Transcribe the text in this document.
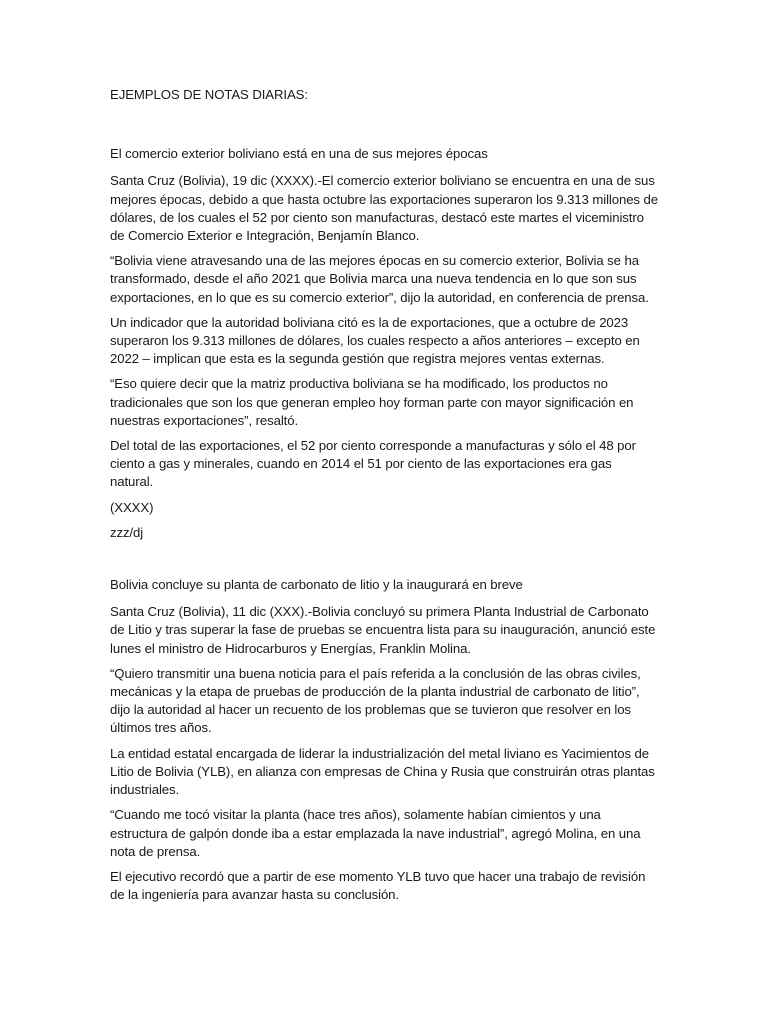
EJEMPLOS DE NOTAS DIARIAS:

El comercio exterior boliviano está en una de sus mejores épocas

Santa Cruz (Bolivia), 19 dic (XXXX).-El comercio exterior boliviano se encuentra en una de sus mejores épocas, debido a que hasta octubre las exportaciones superaron los 9.313 millones de dólares, de los cuales el 52 por ciento son manufacturas, destacó este martes el viceministro de Comercio Exterior e Integración, Benjamín Blanco.

“Bolivia viene atravesando una de las mejores épocas en su comercio exterior, Bolivia se ha transformado, desde el año 2021 que Bolivia marca una nueva tendencia en lo que son sus exportaciones, en lo que es su comercio exterior”, dijo la autoridad, en conferencia de prensa.

Un indicador que la autoridad boliviana citó es la de exportaciones, que a octubre de 2023 superaron los 9.313 millones de dólares, los cuales respecto a años anteriores – excepto en 2022 – implican que esta es la segunda gestión que registra mejores ventas externas.

“Eso quiere decir que la matriz productiva boliviana se ha modificado, los productos no tradicionales que son los que generan empleo hoy forman parte con mayor significación en nuestras exportaciones”, resaltó.

Del total de las exportaciones, el 52 por ciento corresponde a manufacturas y sólo el 48 por ciento a gas y minerales, cuando en 2014 el 51 por ciento de las exportaciones era gas natural.

(XXXX)

zzz/dj

Bolivia concluye su planta de carbonato de litio y la inaugurará en breve

Santa Cruz (Bolivia), 11 dic (XXX).-Bolivia concluyó su primera Planta Industrial de Carbonato de Litio y tras superar la fase de pruebas se encuentra lista para su inauguración, anunció este lunes el ministro de Hidrocarburos y Energías, Franklin Molina.

“Quiero transmitir una buena noticia para el país referida a la conclusión de las obras civiles, mecánicas y la etapa de pruebas de producción de la planta industrial de carbonato de litio”, dijo la autoridad al hacer un recuento de los problemas que se tuvieron que resolver en los últimos tres años.

La entidad estatal encargada de liderar la industrialización del metal liviano es Yacimientos de Litio de Bolivia (YLB), en alianza con empresas de China y Rusia que construirán otras plantas industriales.

“Cuando me tocó visitar la planta (hace tres años), solamente habían cimientos y una estructura de galpón donde iba a estar emplazada la nave industrial”, agregó Molina, en una nota de prensa.

El ejecutivo recordó que a partir de ese momento YLB tuvo que hacer una trabajo de revisión de la ingeniería para avanzar hasta su conclusión.
